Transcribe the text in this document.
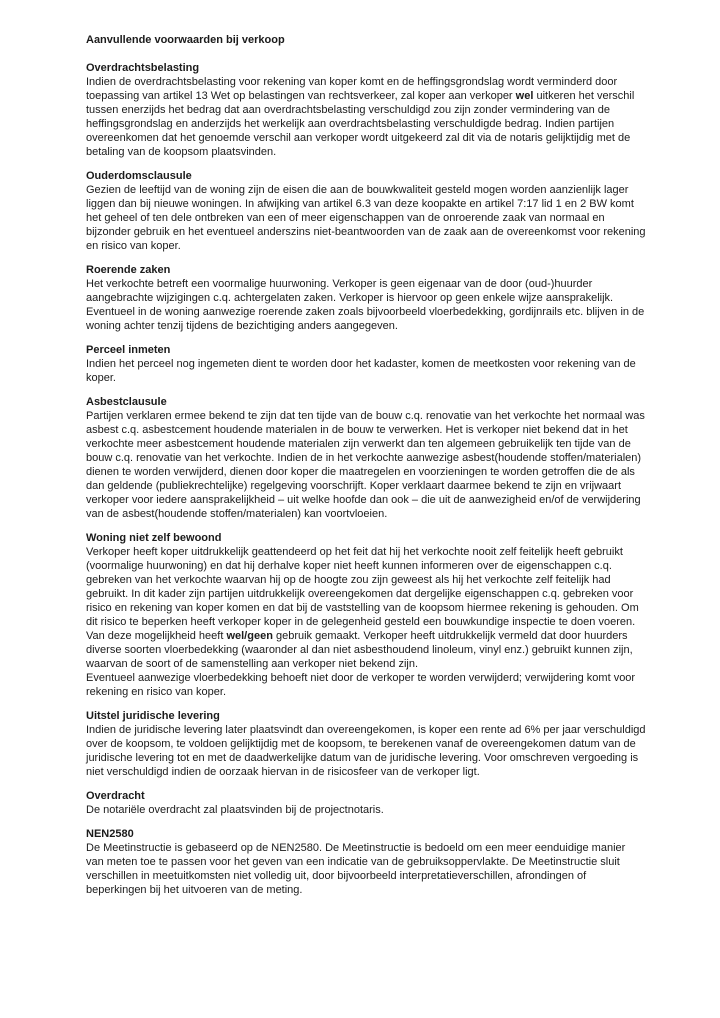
Aanvullende voorwaarden bij verkoop
Overdrachtsbelasting

Indien de overdrachtsbelasting voor rekening van koper komt en de heffingsgrondslag wordt verminderd door toepassing van artikel 13 Wet op belastingen van rechtsverkeer, zal koper aan verkoper wel uitkeren het verschil tussen enerzijds het bedrag dat aan overdrachtsbelasting verschuldigd zou zijn zonder vermindering van de heffingsgrondslag en anderzijds het werkelijk aan overdrachtsbelasting verschuldigde bedrag. Indien partijen overeenkomen dat het genoemde verschil aan verkoper wordt uitgekeerd zal dit via de notaris gelijktijdig met de betaling van de koopsom plaatsvinden.

Ouderdomsclausule

Gezien de leeftijd van de woning zijn de eisen die aan de bouwkwaliteit gesteld mogen worden aanzienlijk lager liggen dan bij nieuwe woningen. In afwijking van artikel 6.3 van deze koopakte en artikel 7:17 lid 1 en 2 BW komt het geheel of ten dele ontbreken van een of meer eigenschappen van de onroerende zaak van normaal en bijzonder gebruik en het eventueel anderszins niet-beantwoorden van de zaak aan de overeenkomst voor rekening en risico van koper.

Roerende zaken

Het verkochte betreft een voormalige huurwoning. Verkoper is geen eigenaar van de door (oud-)huurder aangebrachte wijzigingen c.q. achtergelaten zaken. Verkoper is hiervoor op geen enkele wijze aansprakelijk. Eventueel in de woning aanwezige roerende zaken zoals bijvoorbeeld vloerbedekking, gordijnrails etc. blijven in de woning achter tenzij tijdens de bezichtiging anders aangegeven.

Perceel inmeten

Indien het perceel nog ingemeten dient te worden door het kadaster, komen de meetkosten voor rekening van de koper.

Asbestclausule

Partijen verklaren ermee bekend te zijn dat ten tijde van de bouw c.q. renovatie van het verkochte het normaal was asbest c.q. asbestcement houdende materialen in de bouw te verwerken. Het is verkoper niet bekend dat in het verkochte meer asbestcement houdende materialen zijn verwerkt dan ten algemeen gebruikelijk ten tijde van de bouw c.q. renovatie van het verkochte. Indien de in het verkochte aanwezige asbest(houdende stoffen/materialen) dienen te worden verwijderd, dienen door koper die maatregelen en voorzieningen te worden getroffen die de als dan geldende (publiekrechtelijke) regelgeving voorschrijft. Koper verklaart daarmee bekend te zijn en vrijwaart verkoper voor iedere aansprakelijkheid – uit welke hoofde dan ook – die uit de aanwezigheid en/of de verwijdering van de asbest(houdende stoffen/materialen) kan voortvloeien.

Woning niet zelf bewoond

Verkoper heeft koper uitdrukkelijk geattendeerd op het feit dat hij het verkochte nooit zelf feitelijk heeft gebruikt (voormalige huurwoning) en dat hij derhalve koper niet heeft kunnen informeren over de eigenschappen c.q. gebreken van het verkochte waarvan hij op de hoogte zou zijn geweest als hij het verkochte zelf feitelijk had gebruikt. In dit kader zijn partijen uitdrukkelijk overeengekomen dat dergelijke eigenschappen c.q. gebreken voor risico en rekening van koper komen en dat bij de vaststelling van de koopsom hiermee rekening is gehouden. Om dit risico te beperken heeft verkoper koper in de gelegenheid gesteld een bouwkundige inspectie te doen voeren. Van deze mogelijkheid heeft wel/geen gebruik gemaakt. Verkoper heeft uitdrukkelijk vermeld dat door huurders diverse soorten vloerbedekking (waaronder al dan niet asbesthoudend linoleum, vinyl enz.) gebruikt kunnen zijn, waarvan de soort of de samenstelling aan verkoper niet bekend zijn.

Eventueel aanwezige vloerbedekking behoeft niet door de verkoper te worden verwijderd; verwijdering komt voor rekening en risico van koper.

Uitstel juridische levering

Indien de juridische levering later plaatsvindt dan overeengekomen, is koper een rente ad 6% per jaar verschuldigd over de koopsom, te voldoen gelijktijdig met de koopsom, te berekenen vanaf de overeengekomen datum van de juridische levering tot en met de daadwerkelijke datum van de juridische levering. Voor omschreven vergoeding is niet verschuldigd indien de oorzaak hiervan in de risicosfeer van de verkoper ligt.

Overdracht

De notariële overdracht zal plaatsvinden bij de projectnotaris.

NEN2580

De Meetinstructie is gebaseerd op de NEN2580. De Meetinstructie is bedoeld om een meer eenduidige manier van meten toe te passen voor het geven van een indicatie van de gebruiksoppervlakte. De Meetinstructie sluit verschillen in meetuitkomsten niet volledig uit, door bijvoorbeeld interpretatieverschillen, afrondingen of beperkingen bij het uitvoeren van de meting.
